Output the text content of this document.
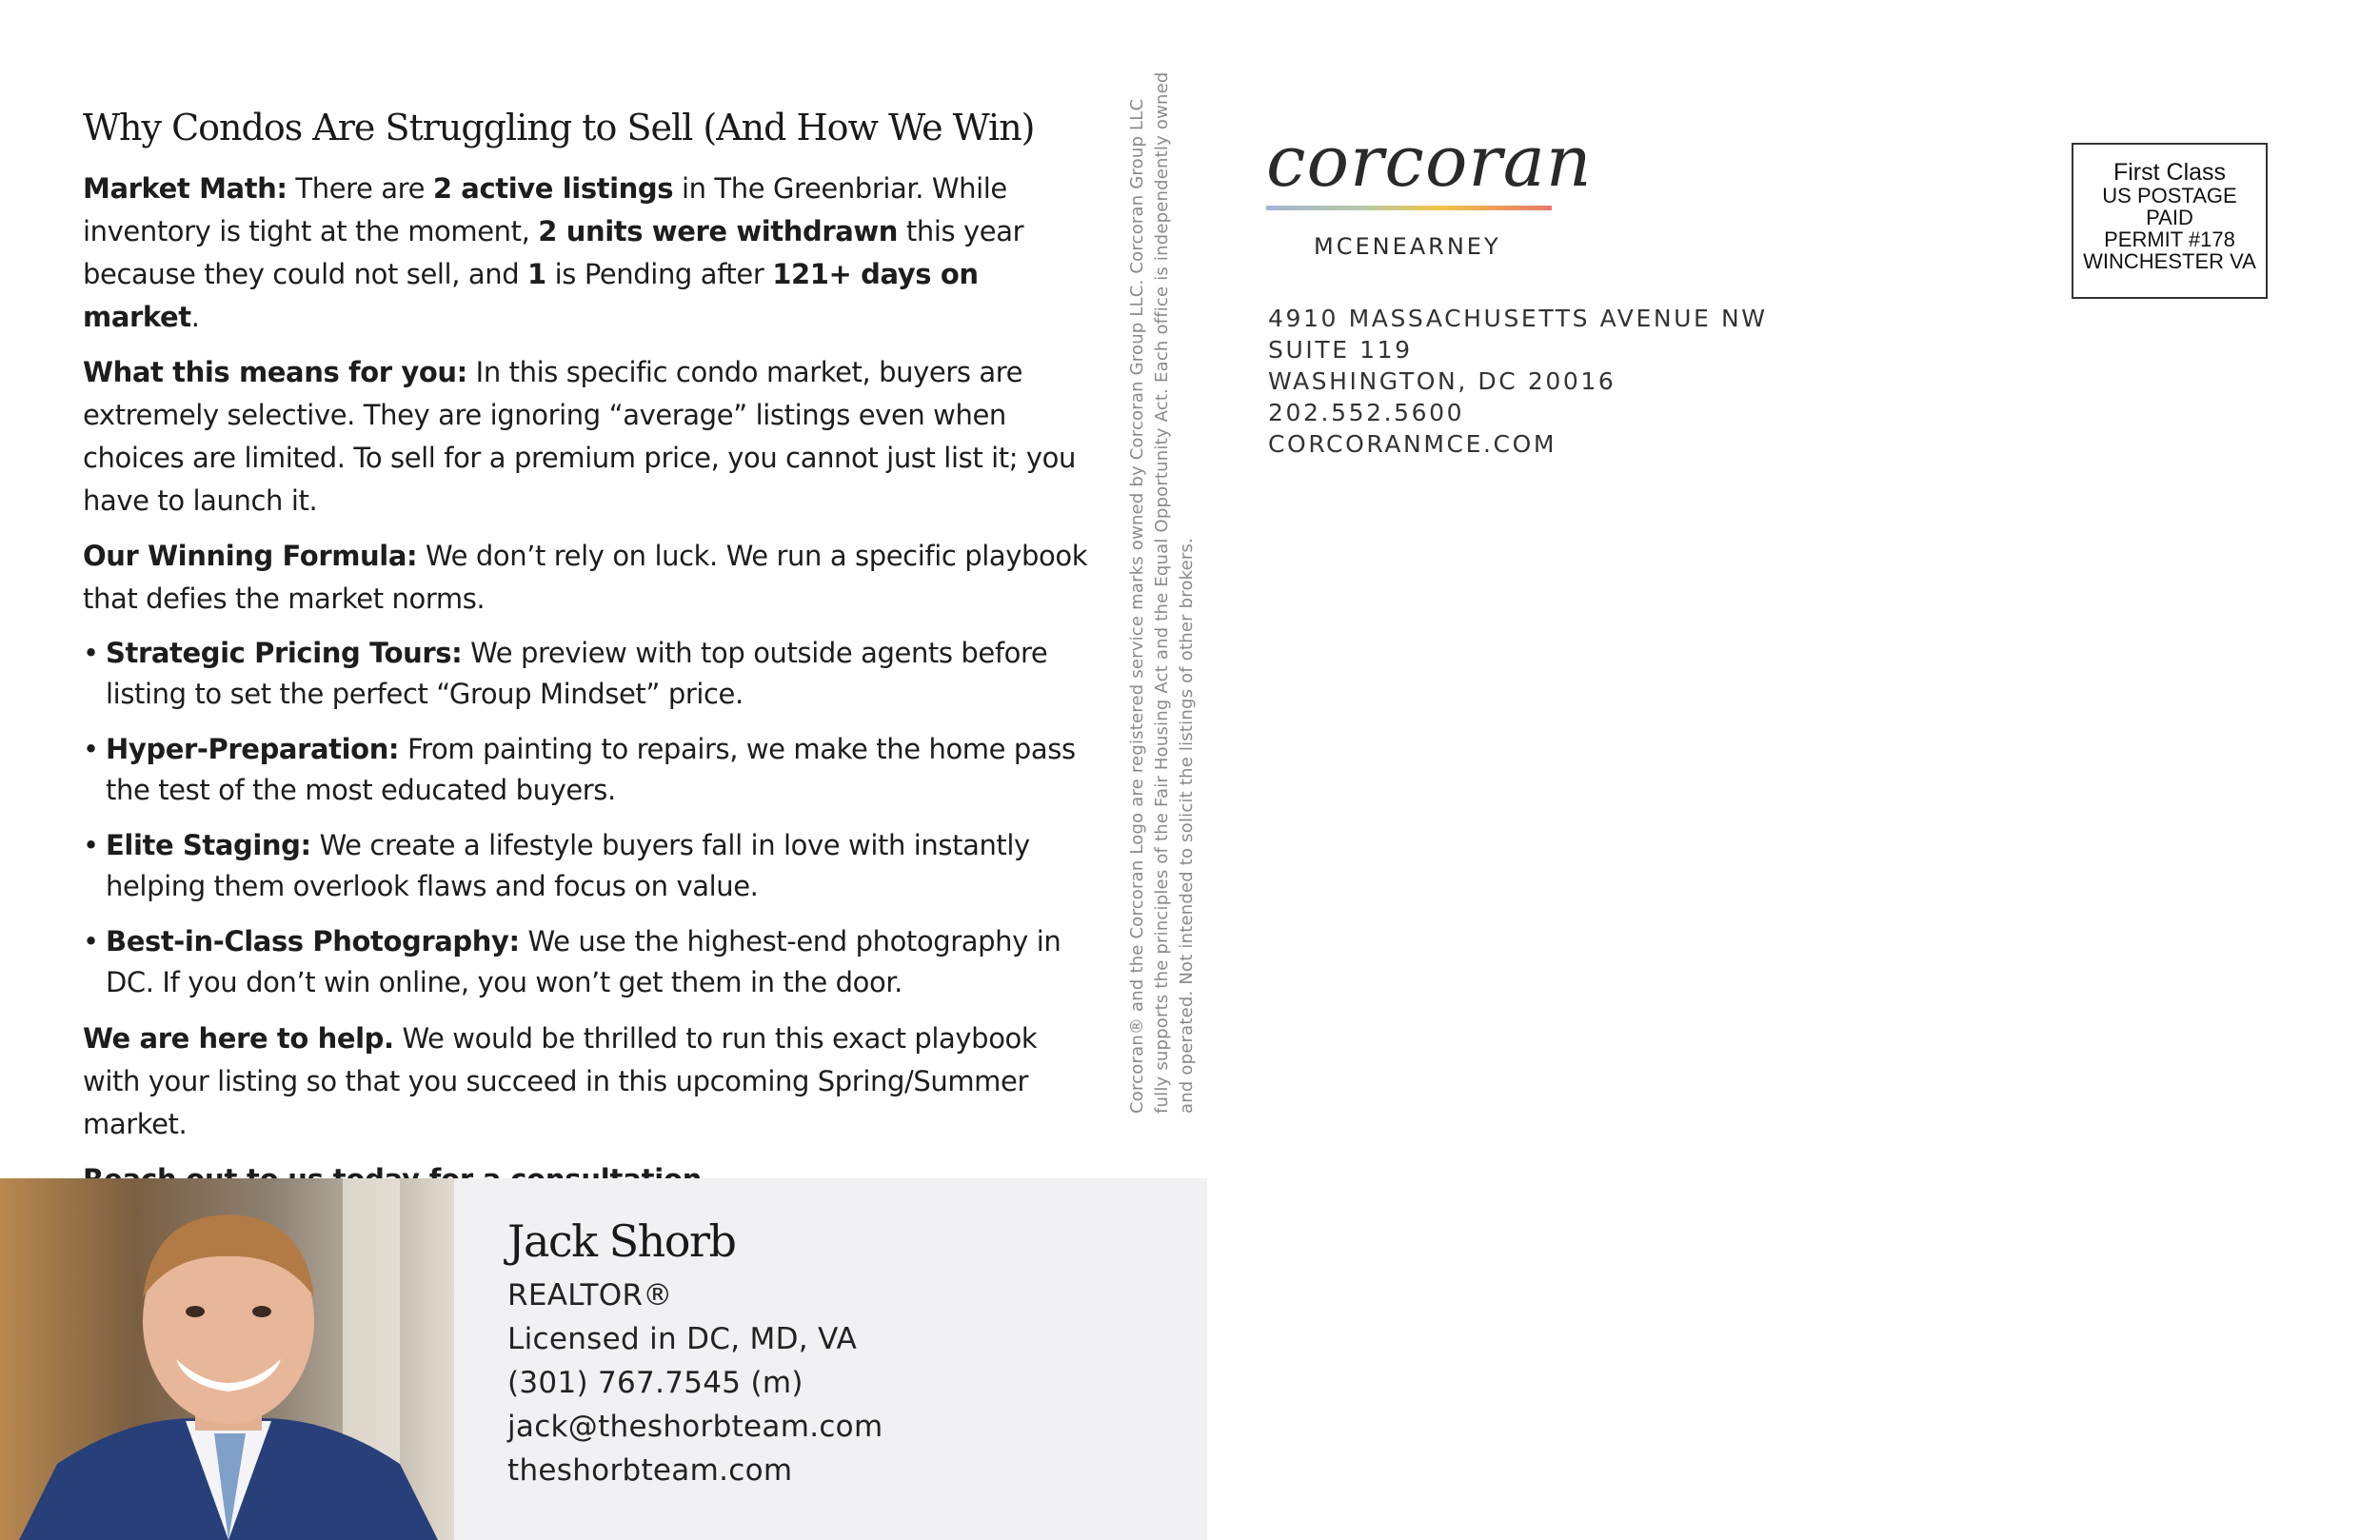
Why Condos Are Struggling to Sell (And How We Win)

Market Math: There are 2 active listings in The Greenbriar. While inventory is tight at the moment, 2 units were withdrawn this year because they could not sell, and 1 is Pending after 121+ days on market.

What this means for you: In this specific condo market, buyers are extremely selective. They are ignoring “average” listings even when choices are limited. To sell for a premium price, you cannot just list it; you have to launch it.

Our Winning Formula: We don’t rely on luck. We run a specific playbook that defies the market norms.

• Strategic Pricing Tours: We preview with top outside agents before listing to set the perfect “Group Mindset” price.
• Hyper-Preparation: From painting to repairs, we make the home pass the test of the most educated buyers.
• Elite Staging: We create a lifestyle buyers fall in love with instantly helping them overlook flaws and focus on value.
• Best-in-Class Photography: We use the highest-end photography in DC. If you don’t win online, you won’t get them in the door.

We are here to help. We would be thrilled to run this exact playbook with your listing so that you succeed in this upcoming Spring/Summer market.

Corcoran® and the Corcoran Logo are registered service marks owned by Corcoran Group LLC. Corcoran Group LLC fully supports the principles of the Fair Housing Act and the Equal Opportunity Act. Each office is independently owned and operated. Not intended to solicit the listings of other brokers.
Jack Shorb
REALTOR®
Licensed in DC, MD, VA
(301) 767.7545 (m)
jack@theshorbteam.com
theshorbteam.com
corcoran
MCENEARNEY
4910 MASSACHUSETTS AVENUE NW
SUITE 119
WASHINGTON, DC 20016
202.552.5600
CORCORANMCE.COM
First Class
US POSTAGE
PAID
PERMIT #178
WINCHESTER VA
